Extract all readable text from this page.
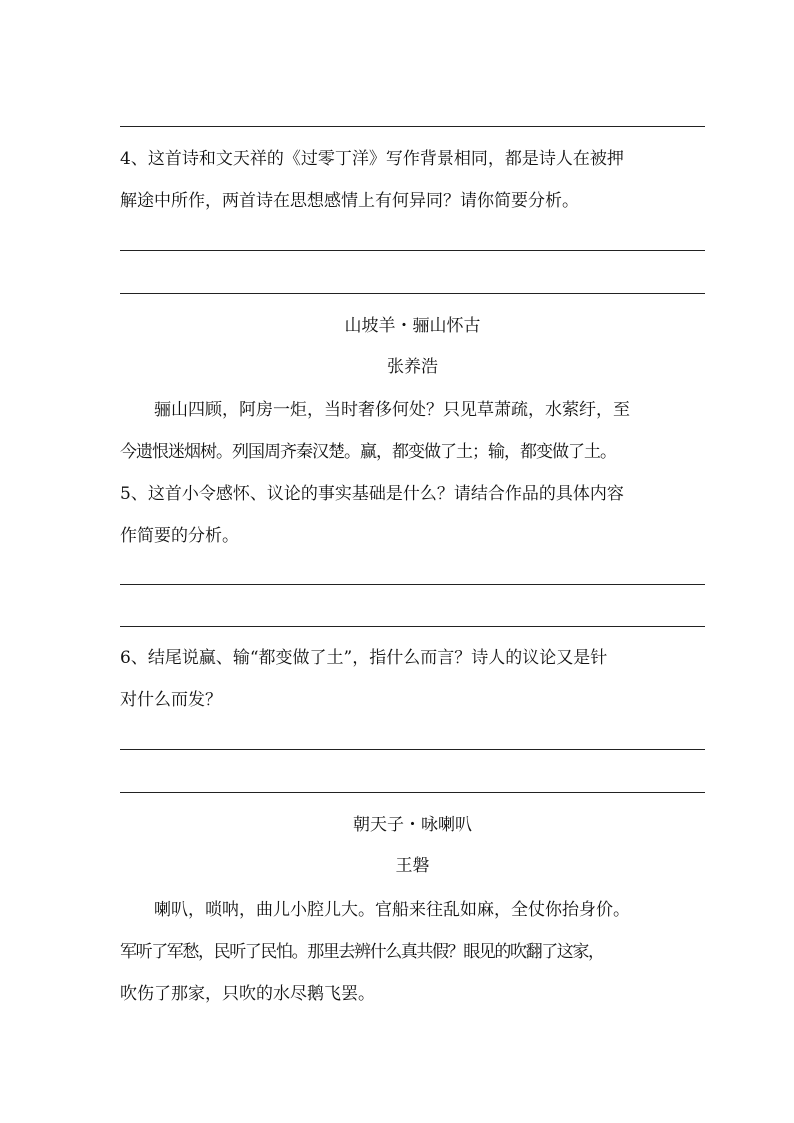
4、这首诗和文天祥的《过零丁洋》写作背景相同，都是诗人在被押
解途中所作，两首诗在思想感情上有何异同？请你简要分析。

山坡羊・骊山怀古

张养浩

骊山四顾，阿房一炬，当时奢侈何处？只见草萧疏，水萦纡，至
今遗恨迷烟树。列国周齐秦汉楚。赢，都变做了土；输，都变做了土。
5、这首小令感怀、议论的事实基础是什么？请结合作品的具体内容
作简要的分析。
6、结尾说赢、输“都变做了土”，指什么而言？诗人的议论又是针
对什么而发？

朝天子・咏喇叭

王磐

喇叭，唢呐，曲儿小腔儿大。官船来往乱如麻，全仗你抬身价。
军听了军愁，民听了民怕。那里去辨什么真共假？眼见的吹翻了这家，
吹伤了那家，只吹的水尽鹅飞罢。
